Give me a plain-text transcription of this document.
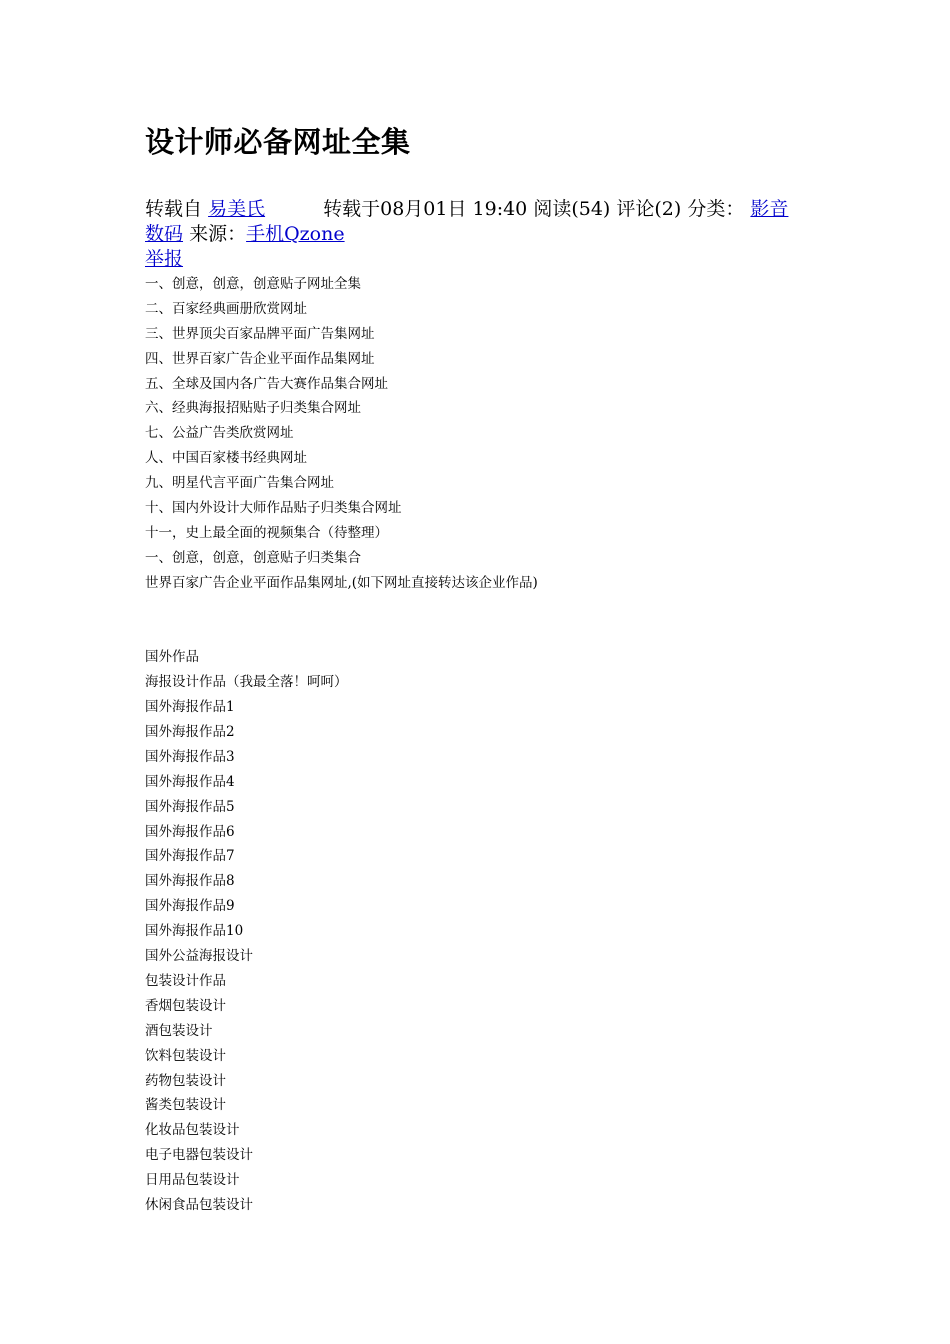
设计师必备网址全集
转载自 易美氏	转载于08月01日 19:40 阅读(54) 评论(2) 分类： 影音数码 来源：手机Qzone
举报
一、创意，创意，创意贴子网址全集
二、百家经典画册欣赏网址
三、世界顶尖百家品牌平面广告集网址
四、世界百家广告企业平面作品集网址
五、全球及国内各广告大赛作品集合网址
六、经典海报招贴贴子归类集合网址
七、公益广告类欣赏网址
人、中国百家楼书经典网址
九、明星代言平面广告集合网址
十、国内外设计大师作品贴子归类集合网址
十一，史上最全面的视频集合（待整理）
一、创意，创意，创意贴子归类集合
世界百家广告企业平面作品集网址,(如下网址直接转达该企业作品)
国外作品
海报设计作品（我最全落！呵呵）
国外海报作品1
国外海报作品2
国外海报作品3
国外海报作品4
国外海报作品5
国外海报作品6
国外海报作品7
国外海报作品8
国外海报作品9
国外海报作品10
国外公益海报设计
包装设计作品
香烟包装设计
酒包装设计
饮料包装设计
药物包装设计
酱类包装设计
化妆品包装设计
电子电器包装设计
日用品包装设计
休闲食品包装设计
